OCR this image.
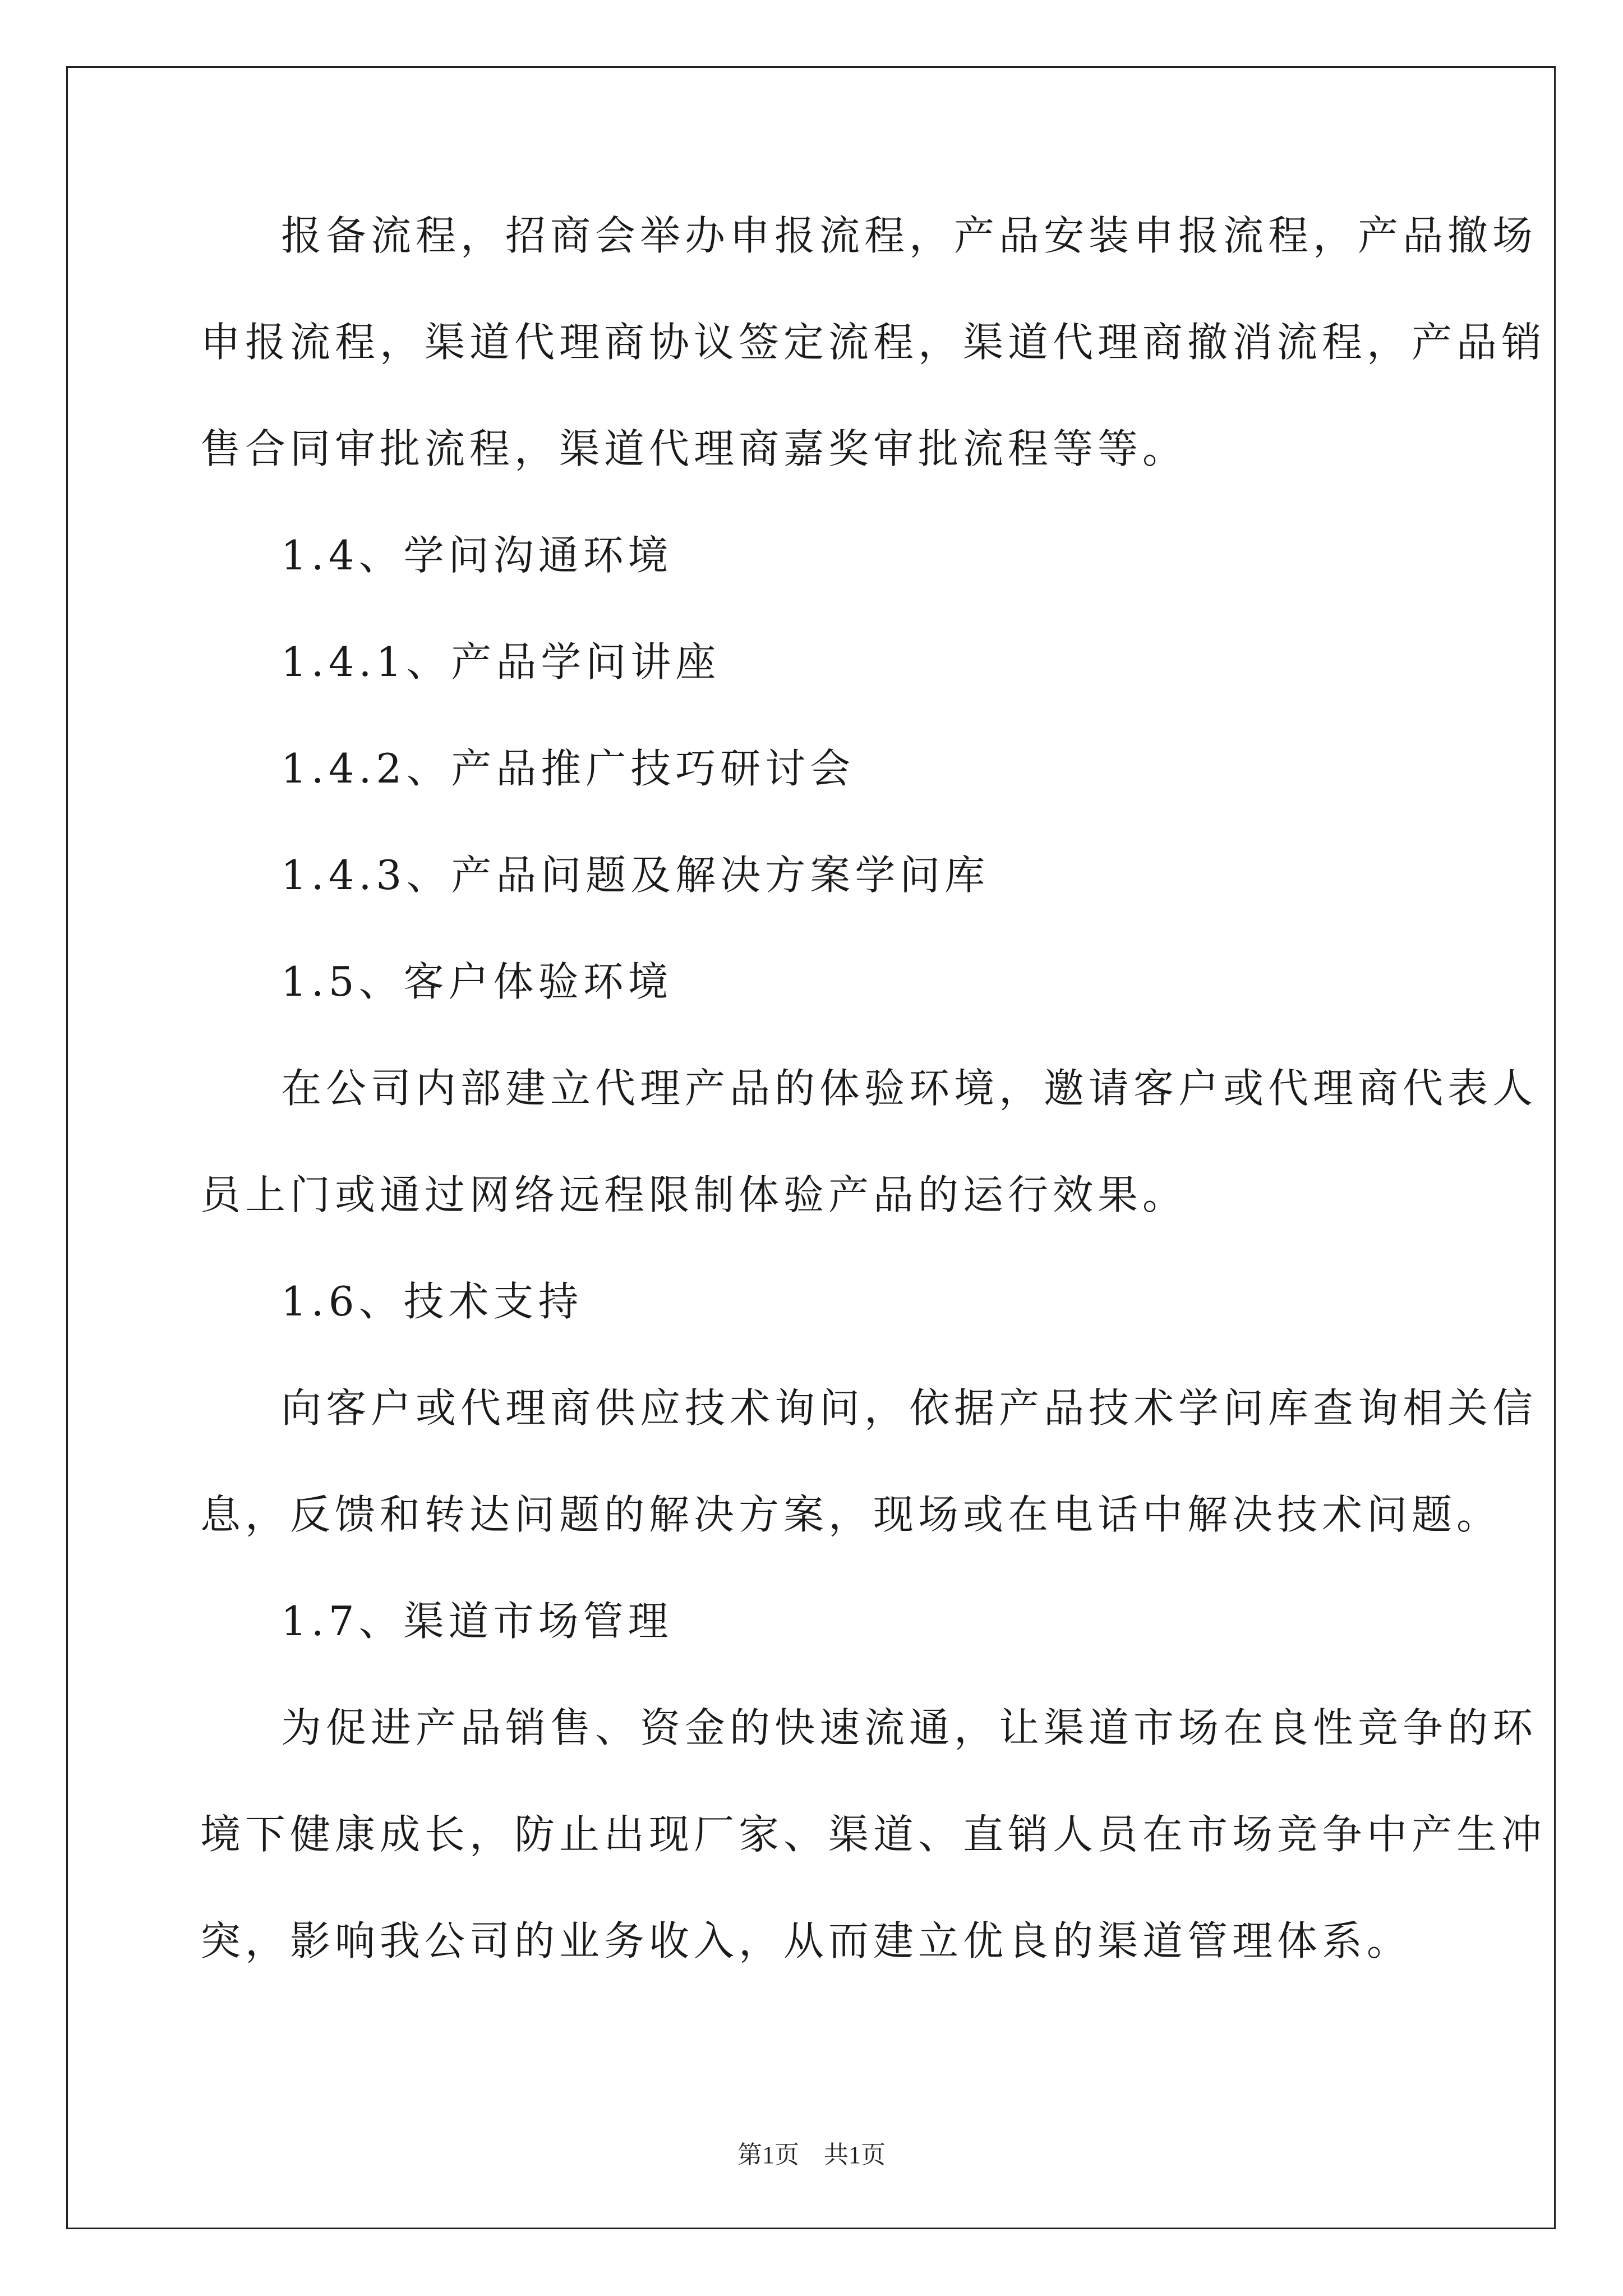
报备流程，招商会举办申报流程，产品安装申报流程，产品撤场
申报流程，渠道代理商协议签定流程，渠道代理商撤消流程，产品销
售合同审批流程，渠道代理商嘉奖审批流程等等。
1.4、学问沟通环境
1.4.1、产品学问讲座
1.4.2、产品推广技巧研讨会
1.4.3、产品问题及解决方案学问库
1.5、客户体验环境
在公司内部建立代理产品的体验环境，邀请客户或代理商代表人
员上门或通过网络远程限制体验产品的运行效果。
1.6、技术支持
向客户或代理商供应技术询问，依据产品技术学问库查询相关信
息，反馈和转达问题的解决方案，现场或在电话中解决技术问题。
1.7、渠道市场管理
为促进产品销售、资金的快速流通，让渠道市场在良性竞争的环
境下健康成长，防止出现厂家、渠道、直销人员在市场竞争中产生冲
突，影响我公司的业务收入，从而建立优良的渠道管理体系。
第1页　共1页
